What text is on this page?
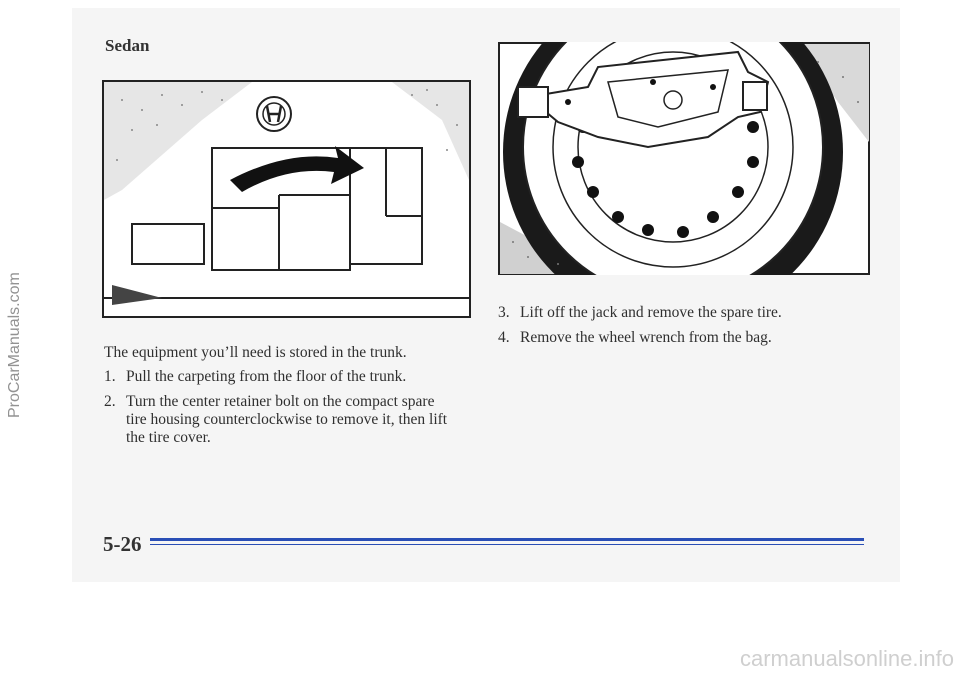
Sedan
The equipment you’ll need is stored in the trunk.
1. Pull the carpeting from the floor of the trunk.
2. Turn the center retainer bolt on the compact spare
tire housing counterclockwise to remove it, then lift
the tire cover.
3. Lift off the jack and remove the spare tire.
4. Remove the wheel wrench from the bag.
5-26
ProCarManuals.com
carmanualsonline.info
